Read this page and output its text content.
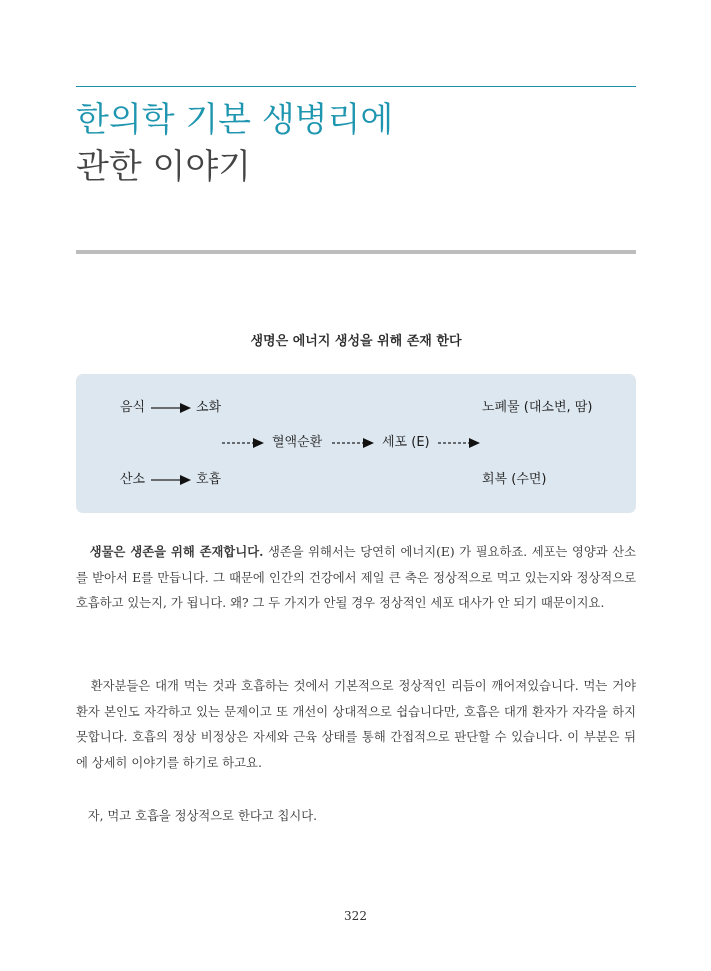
한의학 기본 생병리에
관한 이야기
생명은 에너지 생성을 위해 존재 한다
음식	소화	노폐물 (대소변, 땀)
혈액순환	세포 (E)
산소	호흡	회복 (수면)

생물은 생존을 위해 존재합니다. 생존을 위해서는 당연히 에너지(E) 가 필요하죠. 세포는 영양과 산소를 받아서 E를 만듭니다. 그 때문에 인간의 건강에서 제일 큰 축은 정상적으로 먹고 있는지와 정상적으로 호흡하고 있는지, 가 됩니다. 왜? 그 두 가지가 안될 경우 정상적인 세포 대사가 안 되기 때문이지요.

환자분들은 대개 먹는 것과 호흡하는 것에서 기본적으로 정상적인 리듬이 깨어져있습니다. 먹는 거야 환자 본인도 자각하고 있는 문제이고 또 개선이 상대적으로 쉽습니다만, 호흡은 대개 환자가 자각을 하지 못합니다. 호흡의 정상 비정상은 자세와 근육 상태를 통해 간접적으로 판단할 수 있습니다. 이 부분은 뒤에 상세히 이야기를 하기로 하고요.

자, 먹고 호흡을 정상적으로 한다고 칩시다.

322
